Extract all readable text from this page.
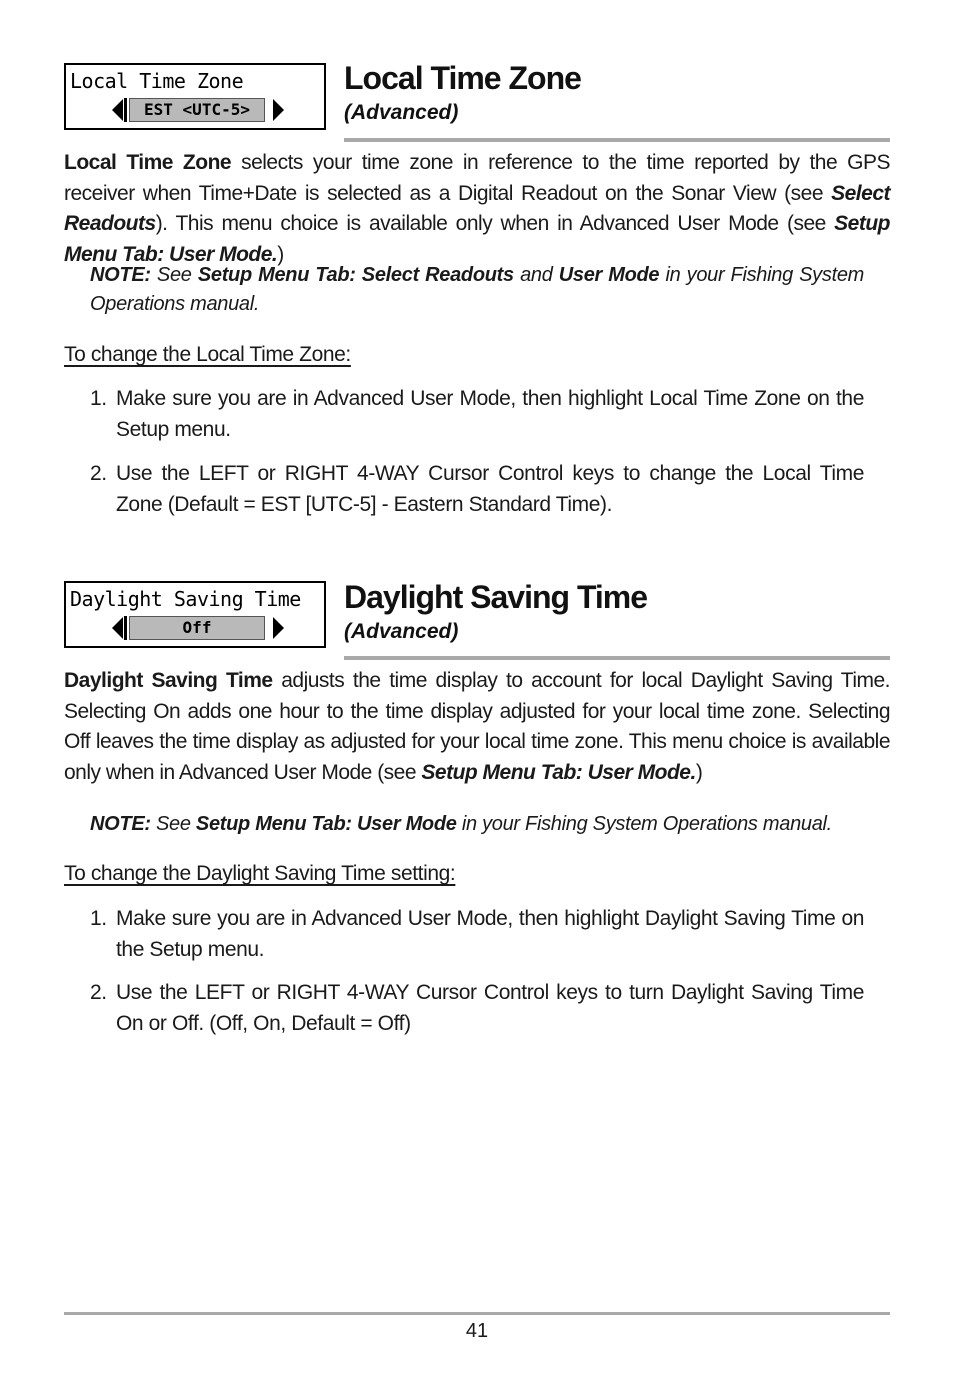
Local Time Zone
EST <UTC-5>
Local Time Zone
(Advanced)

Local Time Zone selects your time zone in reference to the time reported by the GPS receiver when Time+Date is selected as a Digital Readout on the Sonar View (see Select Readouts). This menu choice is available only when in Advanced User Mode (see Setup Menu Tab: User Mode.)

NOTE: See Setup Menu Tab: Select Readouts and User Mode in your Fishing System Operations manual.

To change the Local Time Zone:

1. Make sure you are in Advanced User Mode, then highlight Local Time Zone on the Setup menu.
2. Use the LEFT or RIGHT 4-WAY Cursor Control keys to change the Local Time Zone (Default = EST [UTC-5] - Eastern Standard Time).
Daylight Saving Time
Off
Daylight Saving Time
(Advanced)

Daylight Saving Time adjusts the time display to account for local Daylight Saving Time. Selecting On adds one hour to the time display adjusted for your local time zone. Selecting Off leaves the time display as adjusted for your local time zone. This menu choice is available only when in Advanced User Mode (see Setup Menu Tab: User Mode.)

NOTE: See Setup Menu Tab: User Mode in your Fishing System Operations manual.

To change the Daylight Saving Time setting:

1. Make sure you are in Advanced User Mode, then highlight Daylight Saving Time on the Setup menu.
2. Use the LEFT or RIGHT 4-WAY Cursor Control keys to turn Daylight Saving Time On or Off. (Off, On, Default = Off)
41
